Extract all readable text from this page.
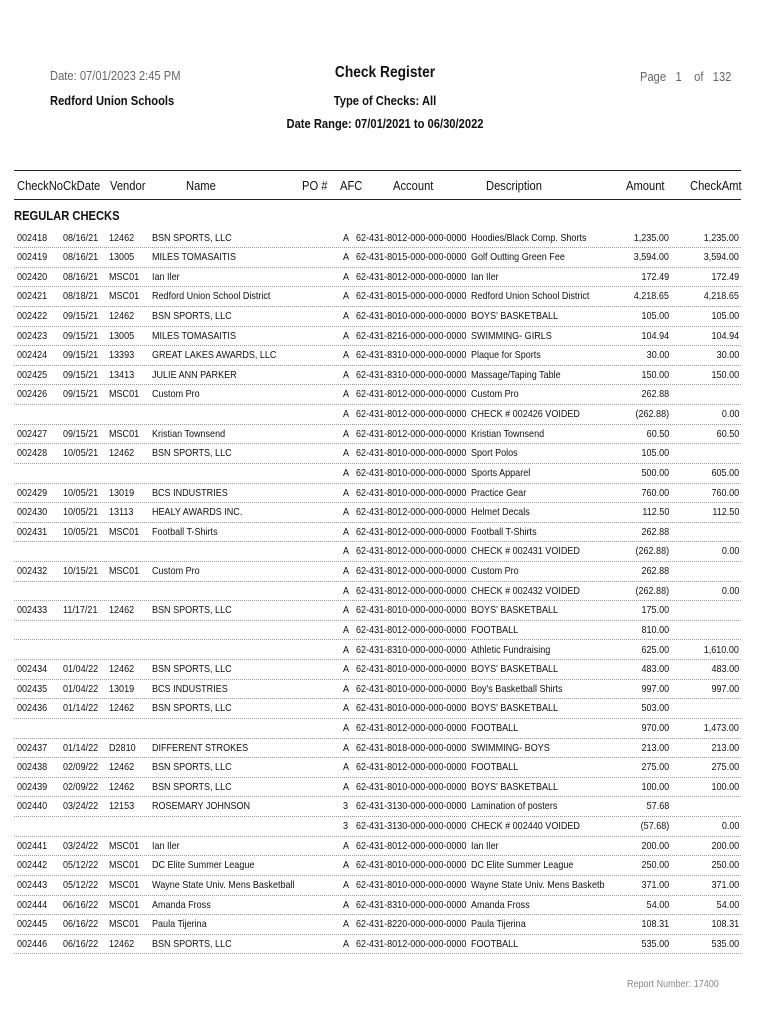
Date: 07/01/2023 2:45 PM
Redford Union Schools
Check Register
Type of Checks: All
Date Range: 07/01/2021 to 06/30/2022
Page 1 of 132
CheckNo CkDate Vendor	Name	PO # AFC Account	Description	Amount CheckAmt
REGULAR CHECKS
002418 08/16/21 12462 BSN SPORTS, LLC	A 62-431-8012-000-000-0000 Hoodies/Black Comp. Shorts	1,235.00	1,235.00
002419 08/16/21 13005 MILES TOMASAITIS	A 62-431-8015-000-000-0000 Golf Outting Green Fee	3,594.00	3,594.00
002420 08/16/21 MSC01 Ian Iler	A 62-431-8012-000-000-0000 Ian Iler	172.49	172.49
002421 08/18/21 MSC01 Redford Union School District	A 62-431-8015-000-000-0000 Redford Union School District	4,218.65	4,218.65
002422 09/15/21 12462 BSN SPORTS, LLC	A 62-431-8010-000-000-0000 BOYS' BASKETBALL	105.00	105.00
002423 09/15/21 13005 MILES TOMASAITIS	A 62-431-8216-000-000-0000 SWIMMING- GIRLS	104.94	104.94
002424 09/15/21 13393 GREAT LAKES AWARDS, LLC	A 62-431-8310-000-000-0000 Plaque for Sports	30.00	30.00
002425 09/15/21 13413 JULIE ANN PARKER	A 62-431-8310-000-000-0000 Massage/Taping Table	150.00	150.00
002426 09/15/21 MSC01 Custom Pro	A 62-431-8012-000-000-0000 Custom Pro	262.88
A 62-431-8012-000-000-0000 CHECK # 002426 VOIDED	(262.88)	0.00
002427 09/15/21 MSC01 Kristian Townsend	A 62-431-8012-000-000-0000 Kristian Townsend	60.50	60.50
002428 10/05/21 12462 BSN SPORTS, LLC	A 62-431-8010-000-000-0000 Sport Polos	105.00
A 62-431-8010-000-000-0000 Sports Apparel	500.00	605.00
002429 10/05/21 13019 BCS INDUSTRIES	A 62-431-8010-000-000-0000 Practice Gear	760.00	760.00
002430 10/05/21 13113 HEALY AWARDS INC.	A 62-431-8012-000-000-0000 Helmet Decals	112.50	112.50
002431 10/05/21 MSC01 Football T-Shirts	A 62-431-8012-000-000-0000 Football T-Shirts	262.88
A 62-431-8012-000-000-0000 CHECK # 002431 VOIDED	(262.88)	0.00
002432 10/15/21 MSC01 Custom Pro	A 62-431-8012-000-000-0000 Custom Pro	262.88
A 62-431-8012-000-000-0000 CHECK # 002432 VOIDED	(262.88)	0.00
002433 11/17/21 12462 BSN SPORTS, LLC	A 62-431-8010-000-000-0000 BOYS' BASKETBALL	175.00
A 62-431-8012-000-000-0000 FOOTBALL	810.00
A 62-431-8310-000-000-0000 Athletic Fundraising	625.00	1,610.00
002434 01/04/22 12462 BSN SPORTS, LLC	A 62-431-8010-000-000-0000 BOYS' BASKETBALL	483.00	483.00
002435 01/04/22 13019 BCS INDUSTRIES	A 62-431-8010-000-000-0000 Boy's Basketball Shirts	997.00	997.00
002436 01/14/22 12462 BSN SPORTS, LLC	A 62-431-8010-000-000-0000 BOYS' BASKETBALL	503.00
A 62-431-8012-000-000-0000 FOOTBALL	970.00	1,473.00
002437 01/14/22 D2810 DIFFERENT STROKES	A 62-431-8018-000-000-0000 SWIMMING- BOYS	213.00	213.00
002438 02/09/22 12462 BSN SPORTS, LLC	A 62-431-8012-000-000-0000 FOOTBALL	275.00	275.00
002439 02/09/22 12462 BSN SPORTS, LLC	A 62-431-8010-000-000-0000 BOYS' BASKETBALL	100.00	100.00
002440 03/24/22 12153 ROSEMARY JOHNSON	3 62-431-3130-000-000-0000 Lamination of posters	57.68
3 62-431-3130-000-000-0000 CHECK # 002440 VOIDED	(57.68)	0.00
002441 03/24/22 MSC01 Ian Iler	A 62-431-8012-000-000-0000 Ian Iler	200.00	200.00
002442 05/12/22 MSC01 DC Elite Summer League	A 62-431-8010-000-000-0000 DC Elite Summer League	250.00	250.00
002443 05/12/22 MSC01 Wayne State Univ. Mens Basketball	A 62-431-8010-000-000-0000 Wayne State Univ. Mens Basketb	371.00	371.00
002444 06/16/22 MSC01 Amanda Fross	A 62-431-8310-000-000-0000 Amanda Fross	54.00	54.00
002445 06/16/22 MSC01 Paula Tijerina	A 62-431-8220-000-000-0000 Paula Tijerina	108.31	108.31
002446 06/16/22 12462 BSN SPORTS, LLC	A 62-431-8012-000-000-0000 FOOTBALL	535.00	535.00
Report Number: 17400
